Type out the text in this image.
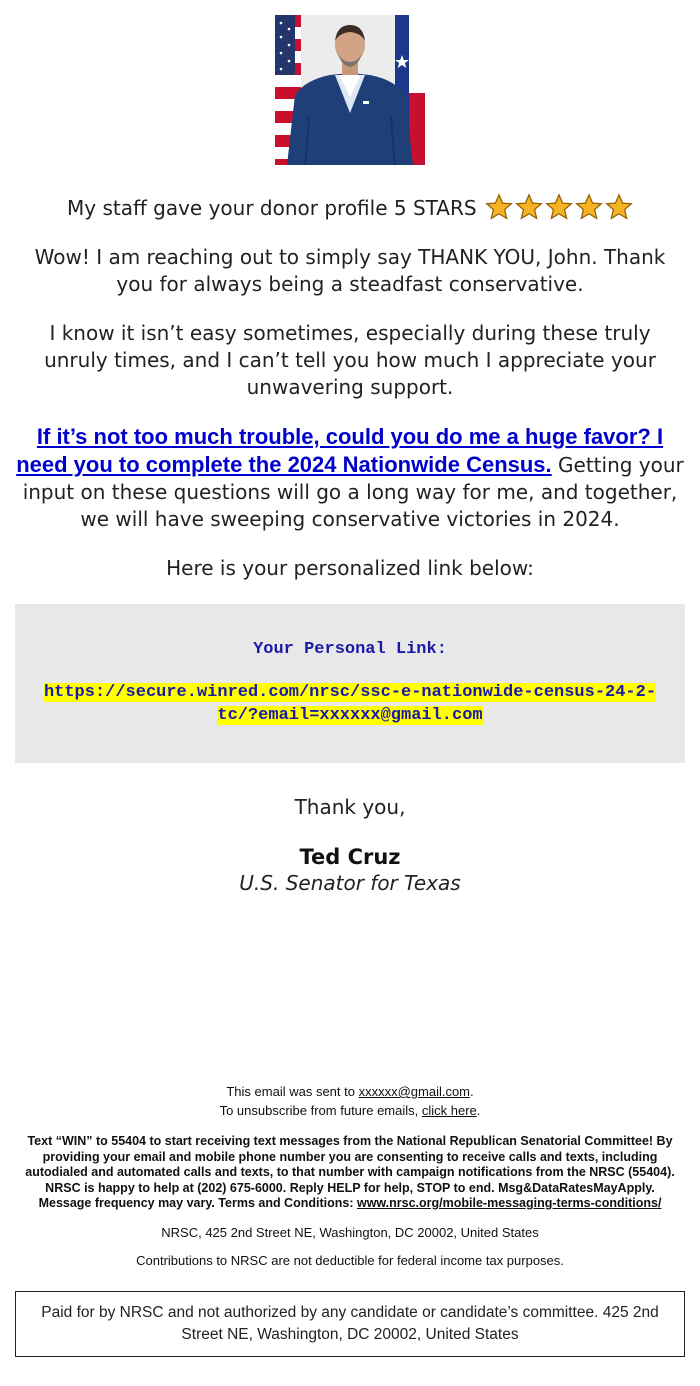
My staff gave your donor profile 5 STARS

Wow! I am reaching out to simply say THANK YOU, John. Thank you for always being a steadfast conservative.

I know it isn’t easy sometimes, especially during these truly unruly times, and I can’t tell you how much I appreciate your unwavering support.

If it’s not too much trouble, could you do me a huge favor? I need you to complete the 2024 Nationwide Census. Getting your input on these questions will go a long way for me, and together, we will have sweeping conservative victories in 2024.

Here is your personalized link below:

Your Personal Link:
https://secure.winred.com/nrsc/ssc-e-nationwide-census-24-2-tc/?email=xxxxxx@gmail.com

Thank you,

Ted Cruz

U.S. Senator for Texas

This email was sent to xxxxxx@gmail.com.
To unsubscribe from future emails, click here.
Text “WIN” to 55404 to start receiving text messages from the National Republican Senatorial Committee! By providing your email and mobile phone number you are consenting to receive calls and texts, including autodialed and automated calls and texts, to that number with campaign notifications from the NRSC (55404). NRSC is happy to help at (202) 675-6000. Reply HELP for help, STOP to end. Msg&DataRatesMayApply. Message frequency may vary. Terms and Conditions: www.nrsc.org/mobile-messaging-terms-conditions/
NRSC, 425 2nd Street NE, Washington, DC 20002, United States
Contributions to NRSC are not deductible for federal income tax purposes.
Paid for by NRSC and not authorized by any candidate or candidate’s committee. 425 2nd Street NE, Washington, DC 20002, United States
